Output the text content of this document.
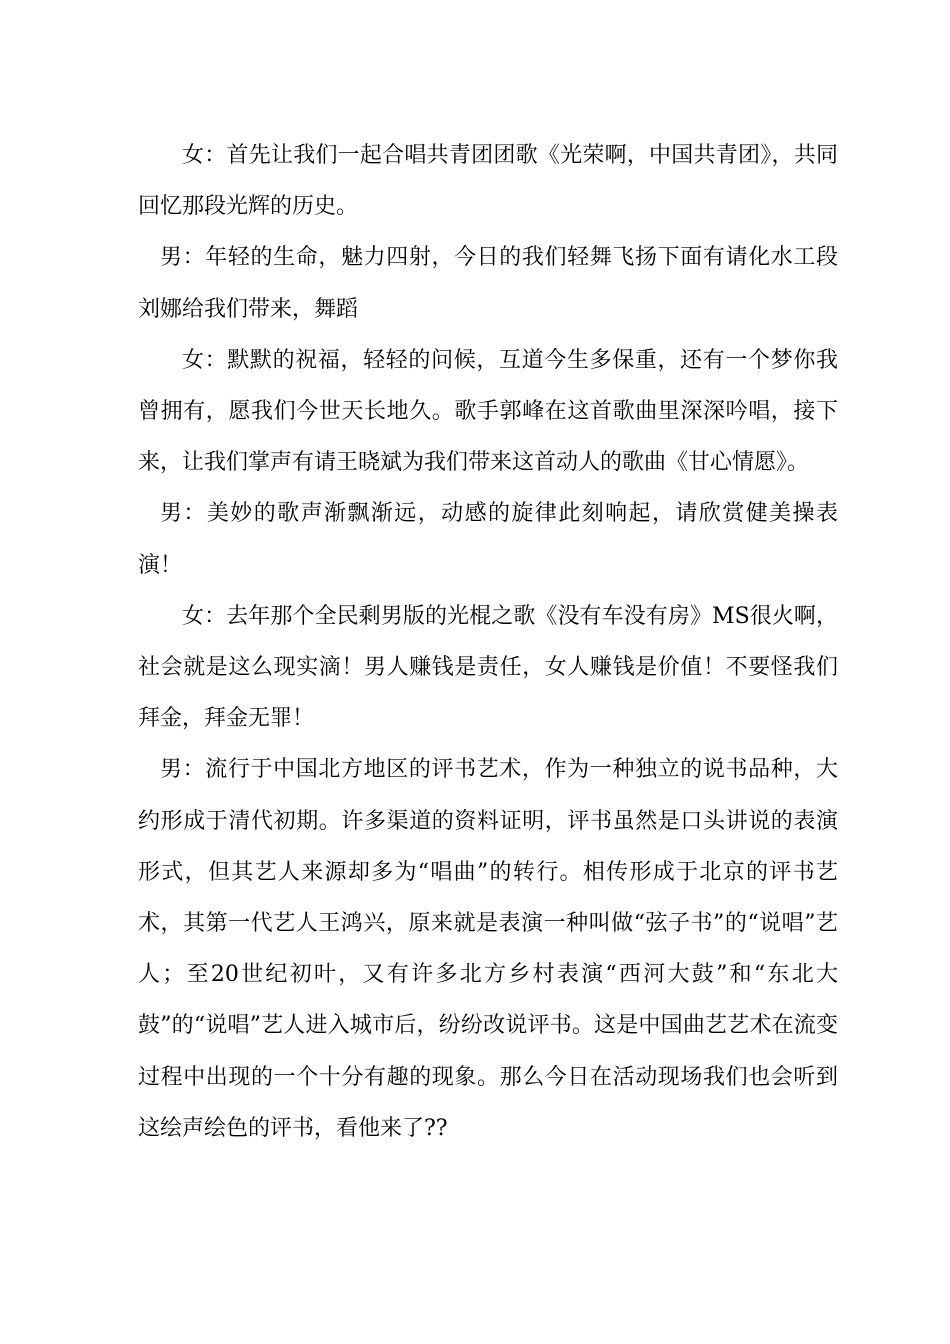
女：首先让我们一起合唱共青团团歌《光荣啊，中国共青团》，共同回忆那段光辉的历史。

男：年轻的生命，魅力四射，今日的我们轻舞飞扬下面有请化水工段刘娜给我们带来，舞蹈

女：默默的祝福，轻轻的问候，互道今生多保重，还有一个梦你我曾拥有，愿我们今世天长地久。歌手郭峰在这首歌曲里深深吟唱，接下来，让我们掌声有请王晓斌为我们带来这首动人的歌曲《甘心情愿》。

男：美妙的歌声渐飘渐远，动感的旋律此刻响起，请欣赏健美操表演！

女：去年那个全民剩男版的光棍之歌《没有车没有房》MS很火啊，社会就是这么现实滴！男人赚钱是责任，女人赚钱是价值！不要怪我们拜金，拜金无罪！

男：流行于中国北方地区的评书艺术，作为一种独立的说书品种，大约形成于清代初期。许多渠道的资料证明，评书虽然是口头讲说的表演形式，但其艺人来源却多为“唱曲”的转行。相传形成于北京的评书艺术，其第一代艺人王鸿兴，原来就是表演一种叫做“弦子书”的“说唱”艺人；至20世纪初叶，又有许多北方乡村表演“西河大鼓”和“东北大鼓”的“说唱”艺人进入城市后，纷纷改说评书。这是中国曲艺艺术在流变过程中出现的一个十分有趣的现象。那么今日在活动现场我们也会听到这绘声绘色的评书，看他来了??
